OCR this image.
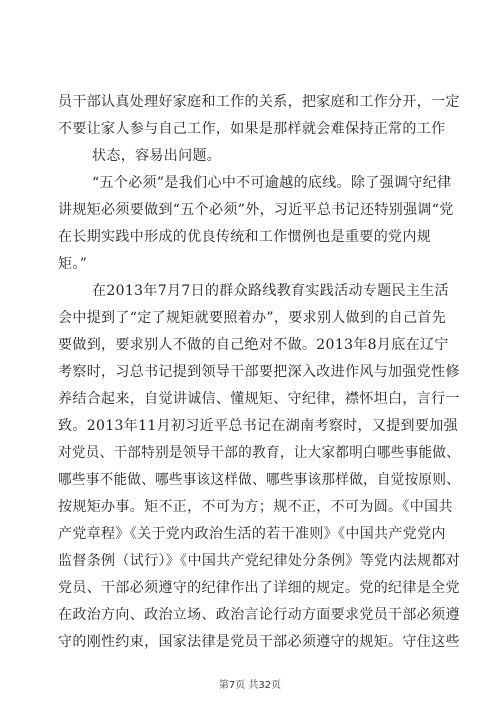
员干部认真处理好家庭和工作的关系，把家庭和工作分开，一定
不要让家人参与自己工作，如果是那样就会难保持正常的工作
状态，容易出问题。
“五个必须”是我们心中不可逾越的底线。除了强调守纪律
讲规矩必须要做到“五个必须”外，习近平总书记还特别强调“党
在长期实践中形成的优良传统和工作惯例也是重要的党内规
矩。”
在2013年7月7日的群众路线教育实践活动专题民主生活
会中提到了“定了规矩就要照着办”，要求别人做到的自己首先
要做到，要求别人不做的自己绝对不做。2013年8月底在辽宁
考察时，习总书记提到领导干部要把深入改进作风与加强党性修
养结合起来，自觉讲诚信、懂规矩、守纪律，襟怀坦白，言行一
致。2013年11月初习近平总书记在湖南考察时，又提到要加强
对党员、干部特别是领导干部的教育，让大家都明白哪些事能做、
哪些事不能做、哪些事该这样做、哪些事该那样做，自觉按原则、
按规矩办事。矩不正，不可为方；规不正，不可为圆。《中国共
产党章程》《关于党内政治生活的若干准则》《中国共产党党内
监督条例（试行）》《中国共产党纪律处分条例》等党内法规都对
党员、干部必须遵守的纪律作出了详细的规定。党的纪律是全党
在政治方向、政治立场、政治言论行动方面要求党员干部必须遵
守的刚性约束，国家法律是党员干部必须遵守的规矩。守住这些
第7页 共32页
